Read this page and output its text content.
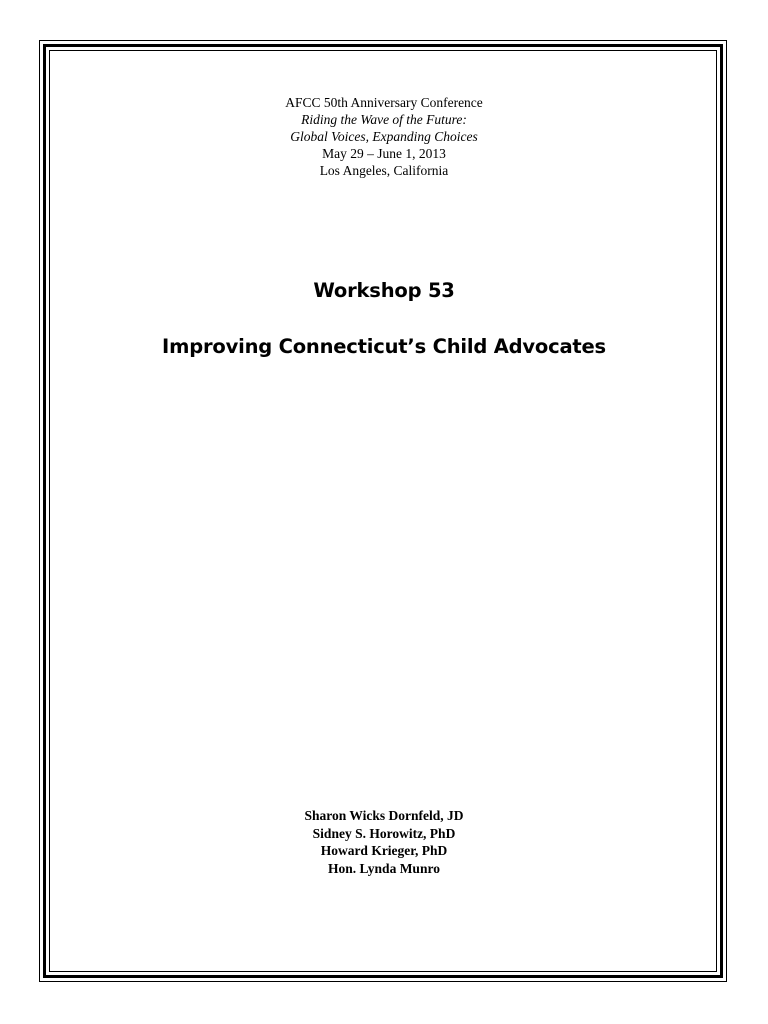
AFCC 50th Anniversary Conference
Riding the Wave of the Future:
Global Voices, Expanding Choices
May 29 – June 1, 2013
Los Angeles, California
Workshop 53
Improving Connecticut’s Child Advocates
Sharon Wicks Dornfeld, JD
Sidney S. Horowitz, PhD
Howard Krieger, PhD
Hon. Lynda Munro
